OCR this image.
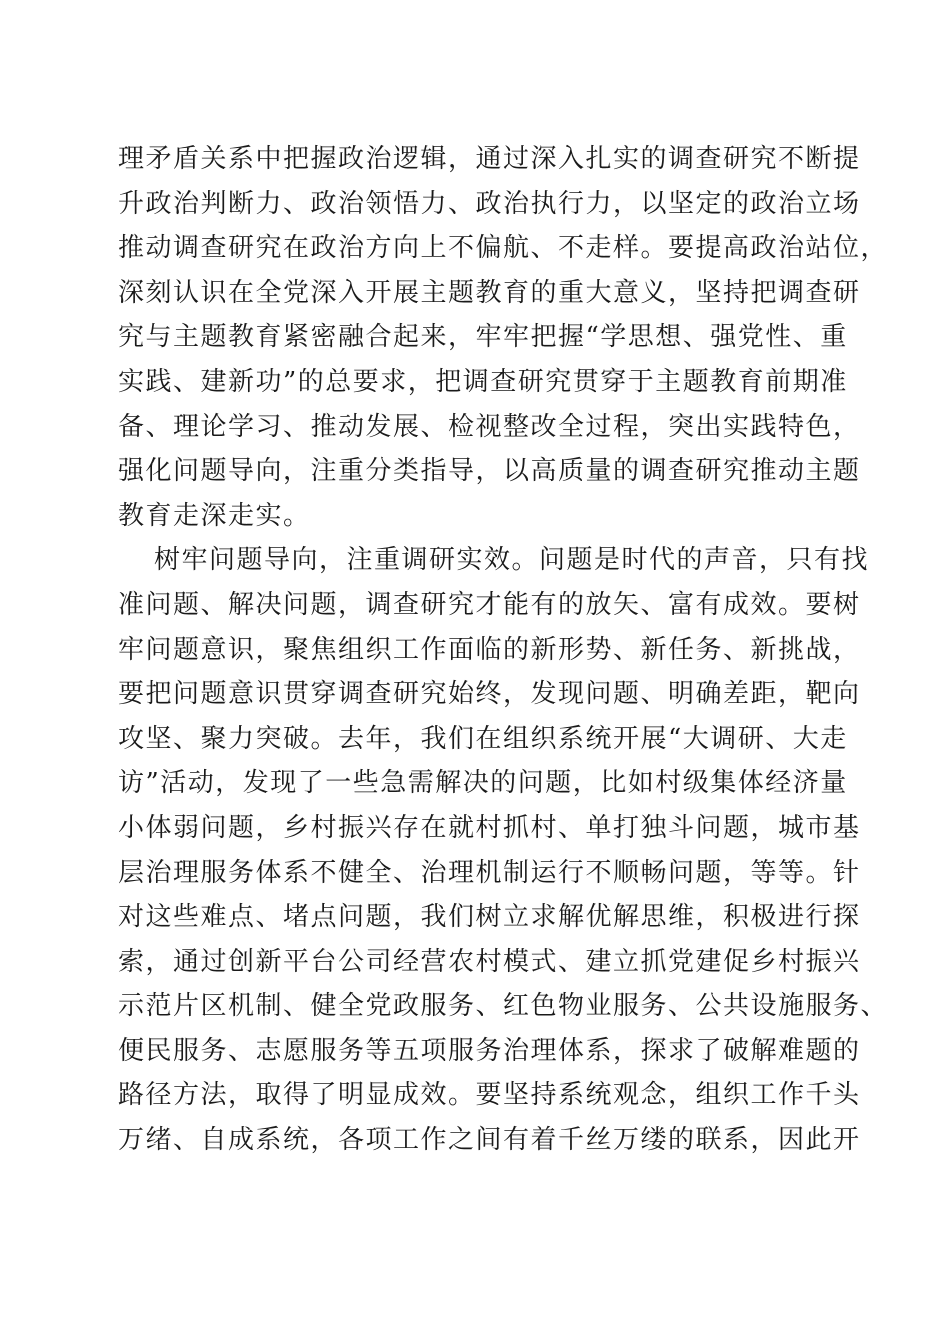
理矛盾关系中把握政治逻辑，通过深入扎实的调查研究不断提
升政治判断力、政治领悟力、政治执行力，以坚定的政治立场
推动调查研究在政治方向上不偏航、不走样。要提高政治站位，
深刻认识在全党深入开展主题教育的重大意义，坚持把调查研
究与主题教育紧密融合起来，牢牢把握“学思想、强党性、重
实践、建新功”的总要求，把调查研究贯穿于主题教育前期准
备、理论学习、推动发展、检视整改全过程，突出实践特色，
强化问题导向，注重分类指导，以高质量的调查研究推动主题
教育走深走实。
树牢问题导向，注重调研实效。问题是时代的声音，只有找
准问题、解决问题，调查研究才能有的放矢、富有成效。要树
牢问题意识，聚焦组织工作面临的新形势、新任务、新挑战，
要把问题意识贯穿调查研究始终，发现问题、明确差距，靶向
攻坚、聚力突破。去年，我们在组织系统开展“大调研、大走
访”活动，发现了一些急需解决的问题，比如村级集体经济量
小体弱问题，乡村振兴存在就村抓村、单打独斗问题，城市基
层治理服务体系不健全、治理机制运行不顺畅问题，等等。针
对这些难点、堵点问题，我们树立求解优解思维，积极进行探
索，通过创新平台公司经营农村模式、建立抓党建促乡村振兴
示范片区机制、健全党政服务、红色物业服务、公共设施服务、
便民服务、志愿服务等五项服务治理体系，探求了破解难题的
路径方法，取得了明显成效。要坚持系统观念，组织工作千头
万绪、自成系统，各项工作之间有着千丝万缕的联系，因此开
